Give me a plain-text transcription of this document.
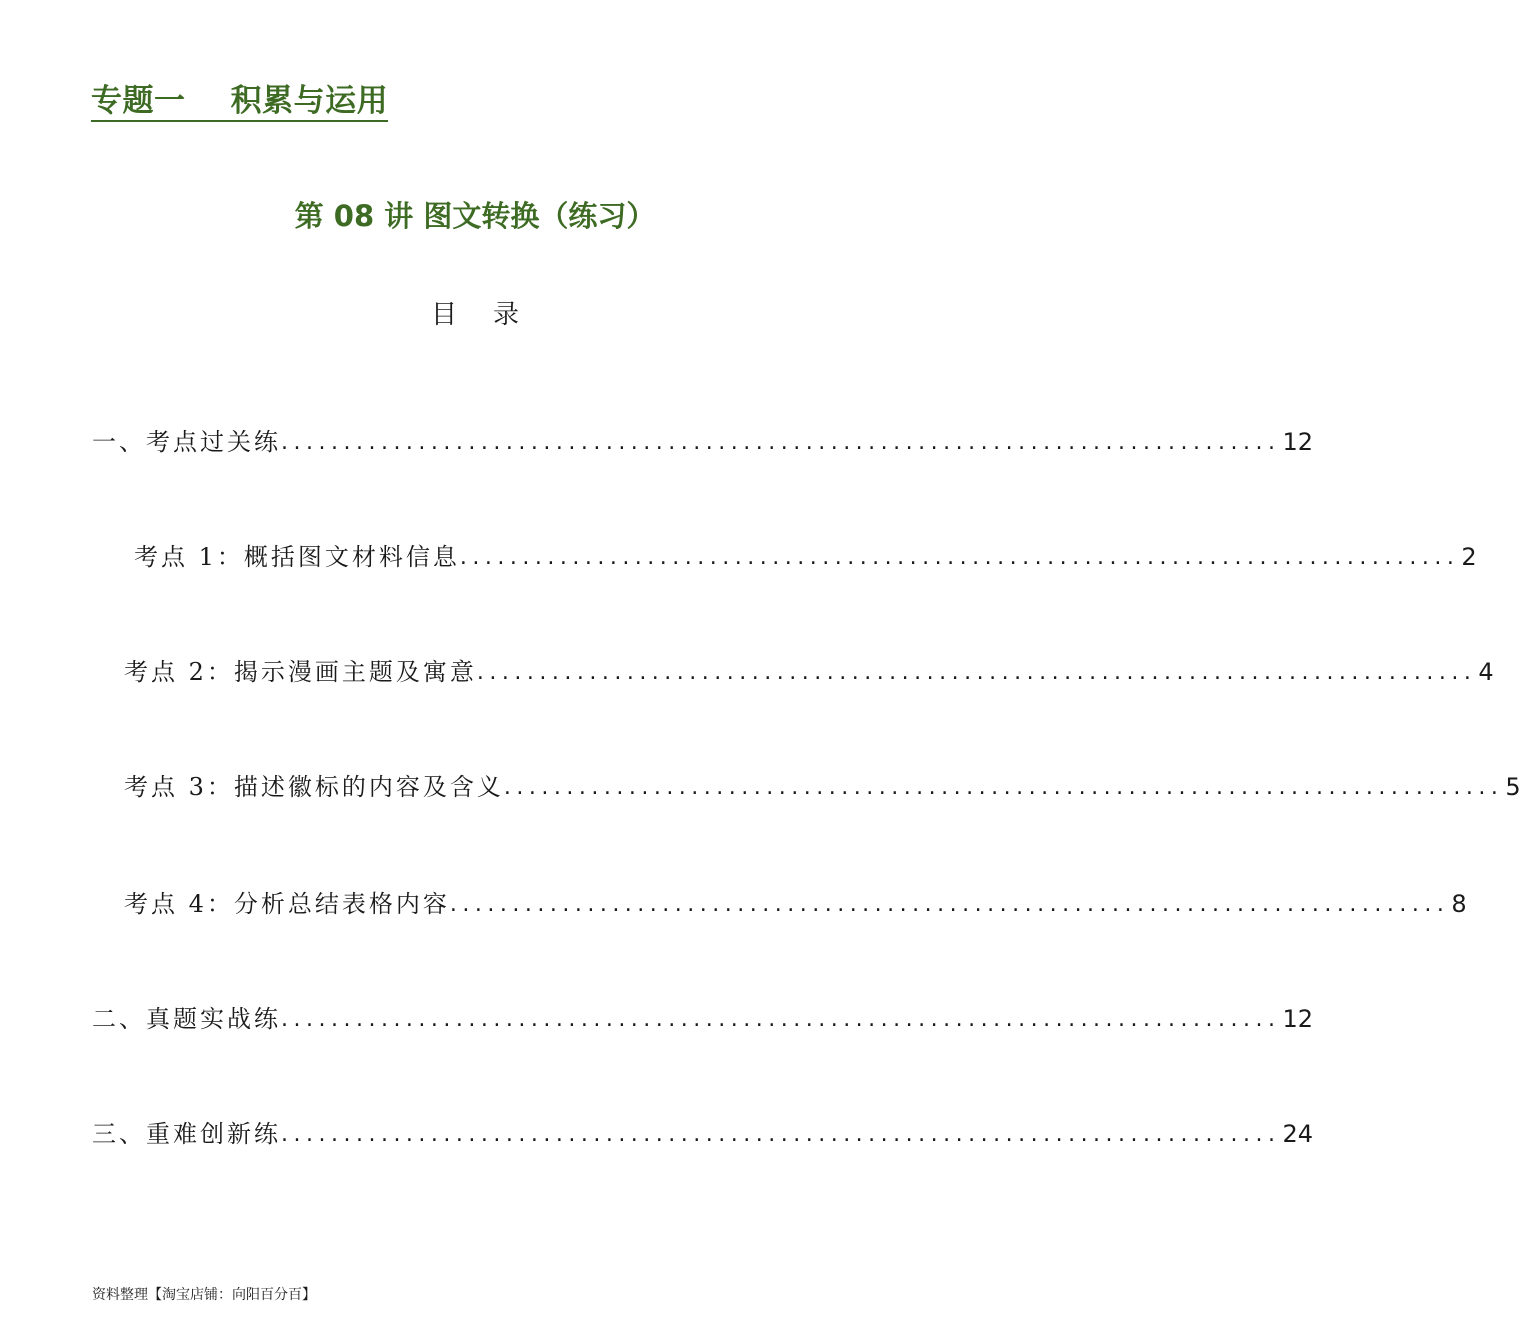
专题一    积累与运用
第 08 讲 图文转换（练习）
目录
一、考点过关练 ................................................................................ 12
考点 1：概括图文材料信息 ................................................................................ 2
考点 2：揭示漫画主题及寓意 ................................................................................ 4
考点 3：描述徽标的内容及含义 ................................................................................ 5
考点 4：分析总结表格内容 ................................................................................ 8
二、真题实战练 ................................................................................ 12
三、重难创新练 ................................................................................ 24
资料整理【淘宝店铺：向阳百分百】
